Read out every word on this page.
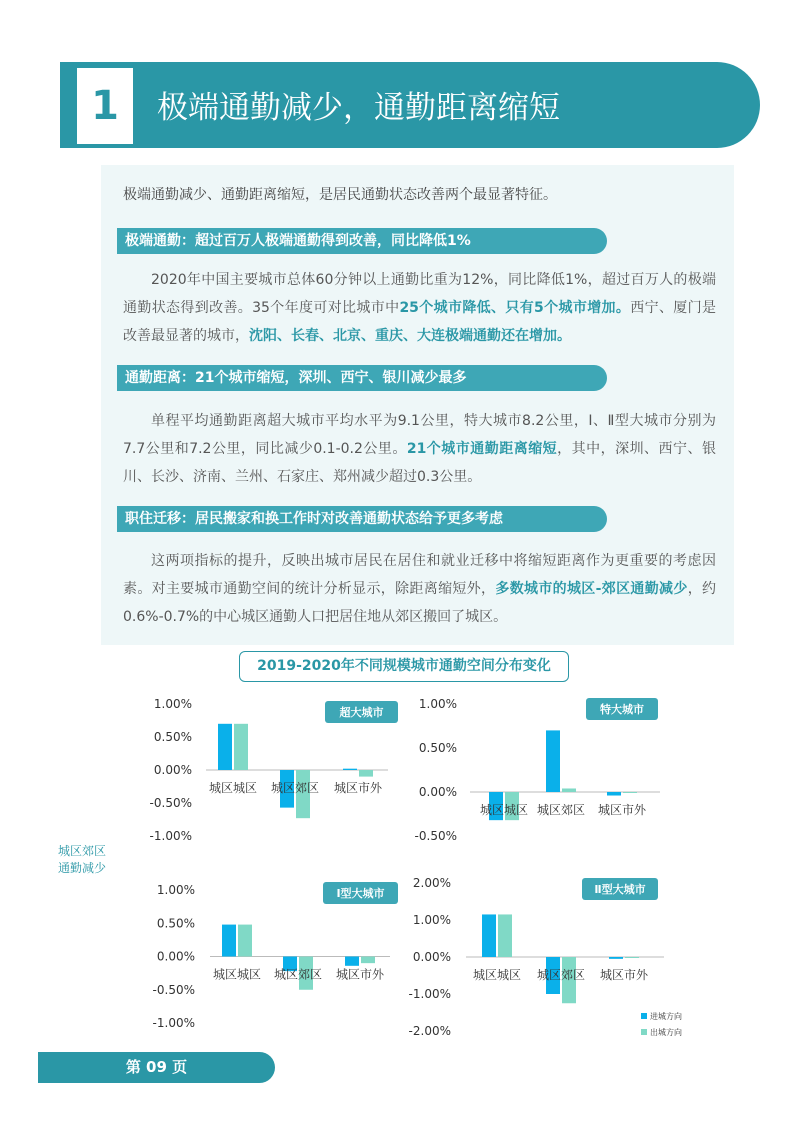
1	极端通勤减少，通勤距离缩短
极端通勤减少、通勤距离缩短，是居民通勤状态改善两个最显著特征。
极端通勤：超过百万人极端通勤得到改善，同比降低1%
2020年中国主要城市总体60分钟以上通勤比重为12%，同比降低1%，超过百万人的极端通勤状态得到改善。35个年度可对比城市中25个城市降低、只有5个城市增加。西宁、厦门是改善最显著的城市，沈阳、长春、北京、重庆、大连极端通勤还在增加。
通勤距离：21个城市缩短，深圳、西宁、银川减少最多
单程平均通勤距离超大城市平均水平为9.1公里，特大城市8.2公里，Ⅰ、Ⅱ型大城市分别为7.7公里和7.2公里，同比减少0.1-0.2公里。21个城市通勤距离缩短，其中，深圳、西宁、银川、长沙、济南、兰州、石家庄、郑州减少超过0.3公里。
职住迁移：居民搬家和换工作时对改善通勤状态给予更多考虑
这两项指标的提升，反映出城市居民在居住和就业迁移中将缩短距离作为更重要的考虑因素。对主要城市通勤空间的统计分析显示，除距离缩短外，多数城市的城区-郊区通勤减少，约0.6%-0.7%的中心城区通勤人口把居住地从郊区搬回了城区。
2019-2020年不同规模城市通勤空间分布变化
城区郊区
通勤减少
1.00%
0.50%
0.00%
-0.50%
-1.00%
城区城区 城区郊区 城区市外
超大城市
1.00%
0.50%
0.00%
-0.50%
城区城区 城区郊区 城区市外
特大城市
1.00%
0.50%
0.00%
-0.50%
-1.00%
城区城区 城区郊区 城区市外
Ⅰ型大城市
2.00%
1.00%
0.00%
-1.00%
-2.00%
城区城区 城区郊区 城区市外
Ⅱ型大城市
进城方向
出城方向
第 09 页
